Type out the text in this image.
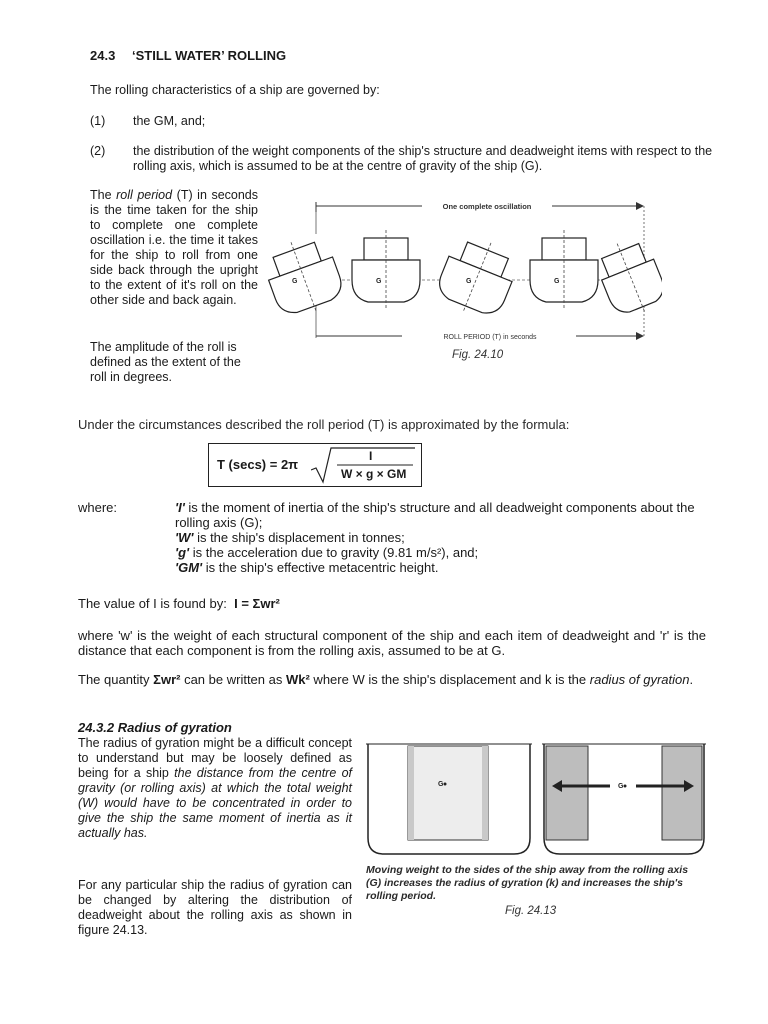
24.3 ‘STILL WATER’ ROLLING
The rolling characteristics of a ship are governed by:
(1) the GM, and;
(2) the distribution of the weight components of the ship's structure and deadweight items with respect to the rolling axis, which is assumed to be at the centre of gravity of the ship (G).
The roll period (T) in seconds is the time taken for the ship to complete one complete oscillation i.e. the time it takes for the ship to roll from one side back through the upright to the extent of it's roll on the other side and back again.
The amplitude of the roll is defined as the extent of the roll in degrees.
One complete oscillation
ROLL PERIOD (T) in seconds
G	G	G	G
Fig. 24.10
Under the circumstances described the roll period (T) is approximated by the formula:
T (secs) = 2π
I
W × g × GM
where:	'I' is the moment of inertia of the ship's structure and all deadweight components about the rolling axis (G);
'W' is the ship's displacement in tonnes;
'g' is the acceleration due to gravity (9.81 m/s²), and;
'GM' is the ship's effective metacentric height.
The value of I is found by: I = Σwr²
where 'w' is the weight of each structural component of the ship and each item of deadweight and 'r' is the distance that each component is from the rolling axis, assumed to be at G.
The quantity Σwr² can be written as Wk² where W is the ship's displacement and k is the radius of gyration.
24.3.2 Radius of gyration
The radius of gyration might be a difficult concept to understand but may be loosely defined as being for a ship the distance from the centre of gravity (or rolling axis) at which the total weight (W) would have to be concentrated in order to give the ship the same moment of inertia as it actually has.
For any particular ship the radius of gyration can be changed by altering the distribution of deadweight about the rolling axis as shown in figure 24.13.
G	G
Moving weight to the sides of the ship away from the rolling axis (G) increases the radius of gyration (k) and increases the ship's rolling period.
Fig. 24.13
